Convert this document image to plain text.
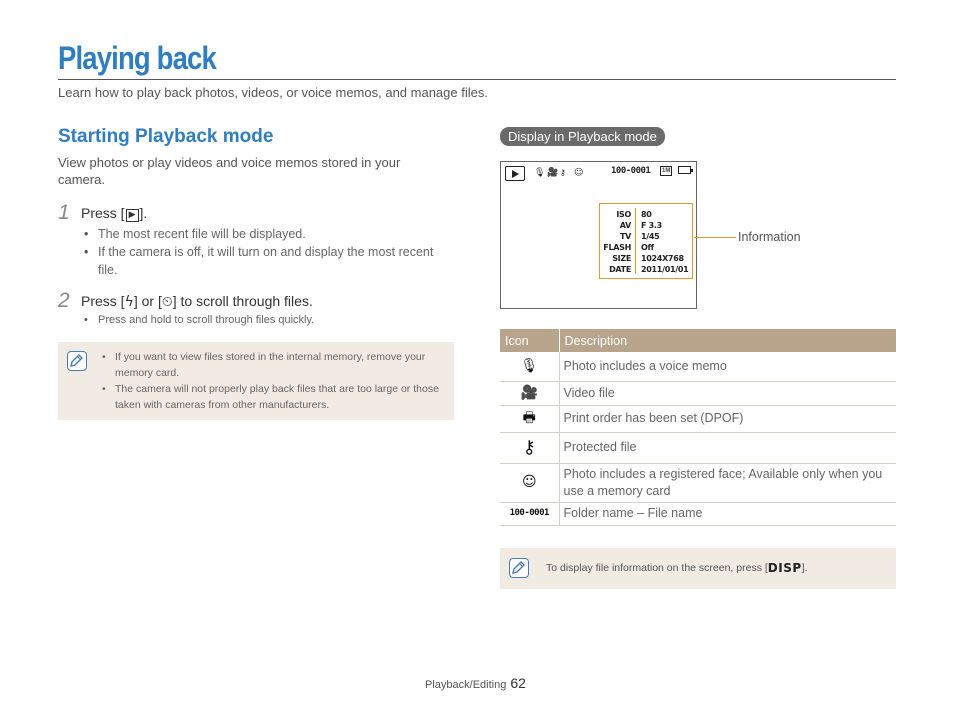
Playing back

Learn how to play back photos, videos, or voice memos, and manage files.

Starting Playback mode

View photos or play videos and voice memos stored in your camera.

1 Press [ ▶ ].
• The most recent file will be displayed.
• If the camera is off, it will turn on and display the most recent file.
2 Press [ϟ] or [⏲] to scroll through files.
• Press and hold to scroll through files quickly.
• If you want to view files stored in the internal memory, remove your memory card.
• The camera will not properly play back files that are too large or those taken with cameras from other manufacturers.
Display in Playback mode
🎙 🎥 ⚷ ☺	100-0001	1M
ISO 80
AV F 3.3
TV 1/45
FLASH Off
SIZE 1024X768
DATE 2011/01/01
Information
Icon	Description
🎙	Photo includes a voice memo
🎥	Video file
🖶	Print order has been set (DPOF)
⚷	Protected file
☺	Photo includes a registered face; Available only when you use a memory card
100-0001	Folder name – File name
To display file information on the screen, press [DISP].
Playback/Editing 62
